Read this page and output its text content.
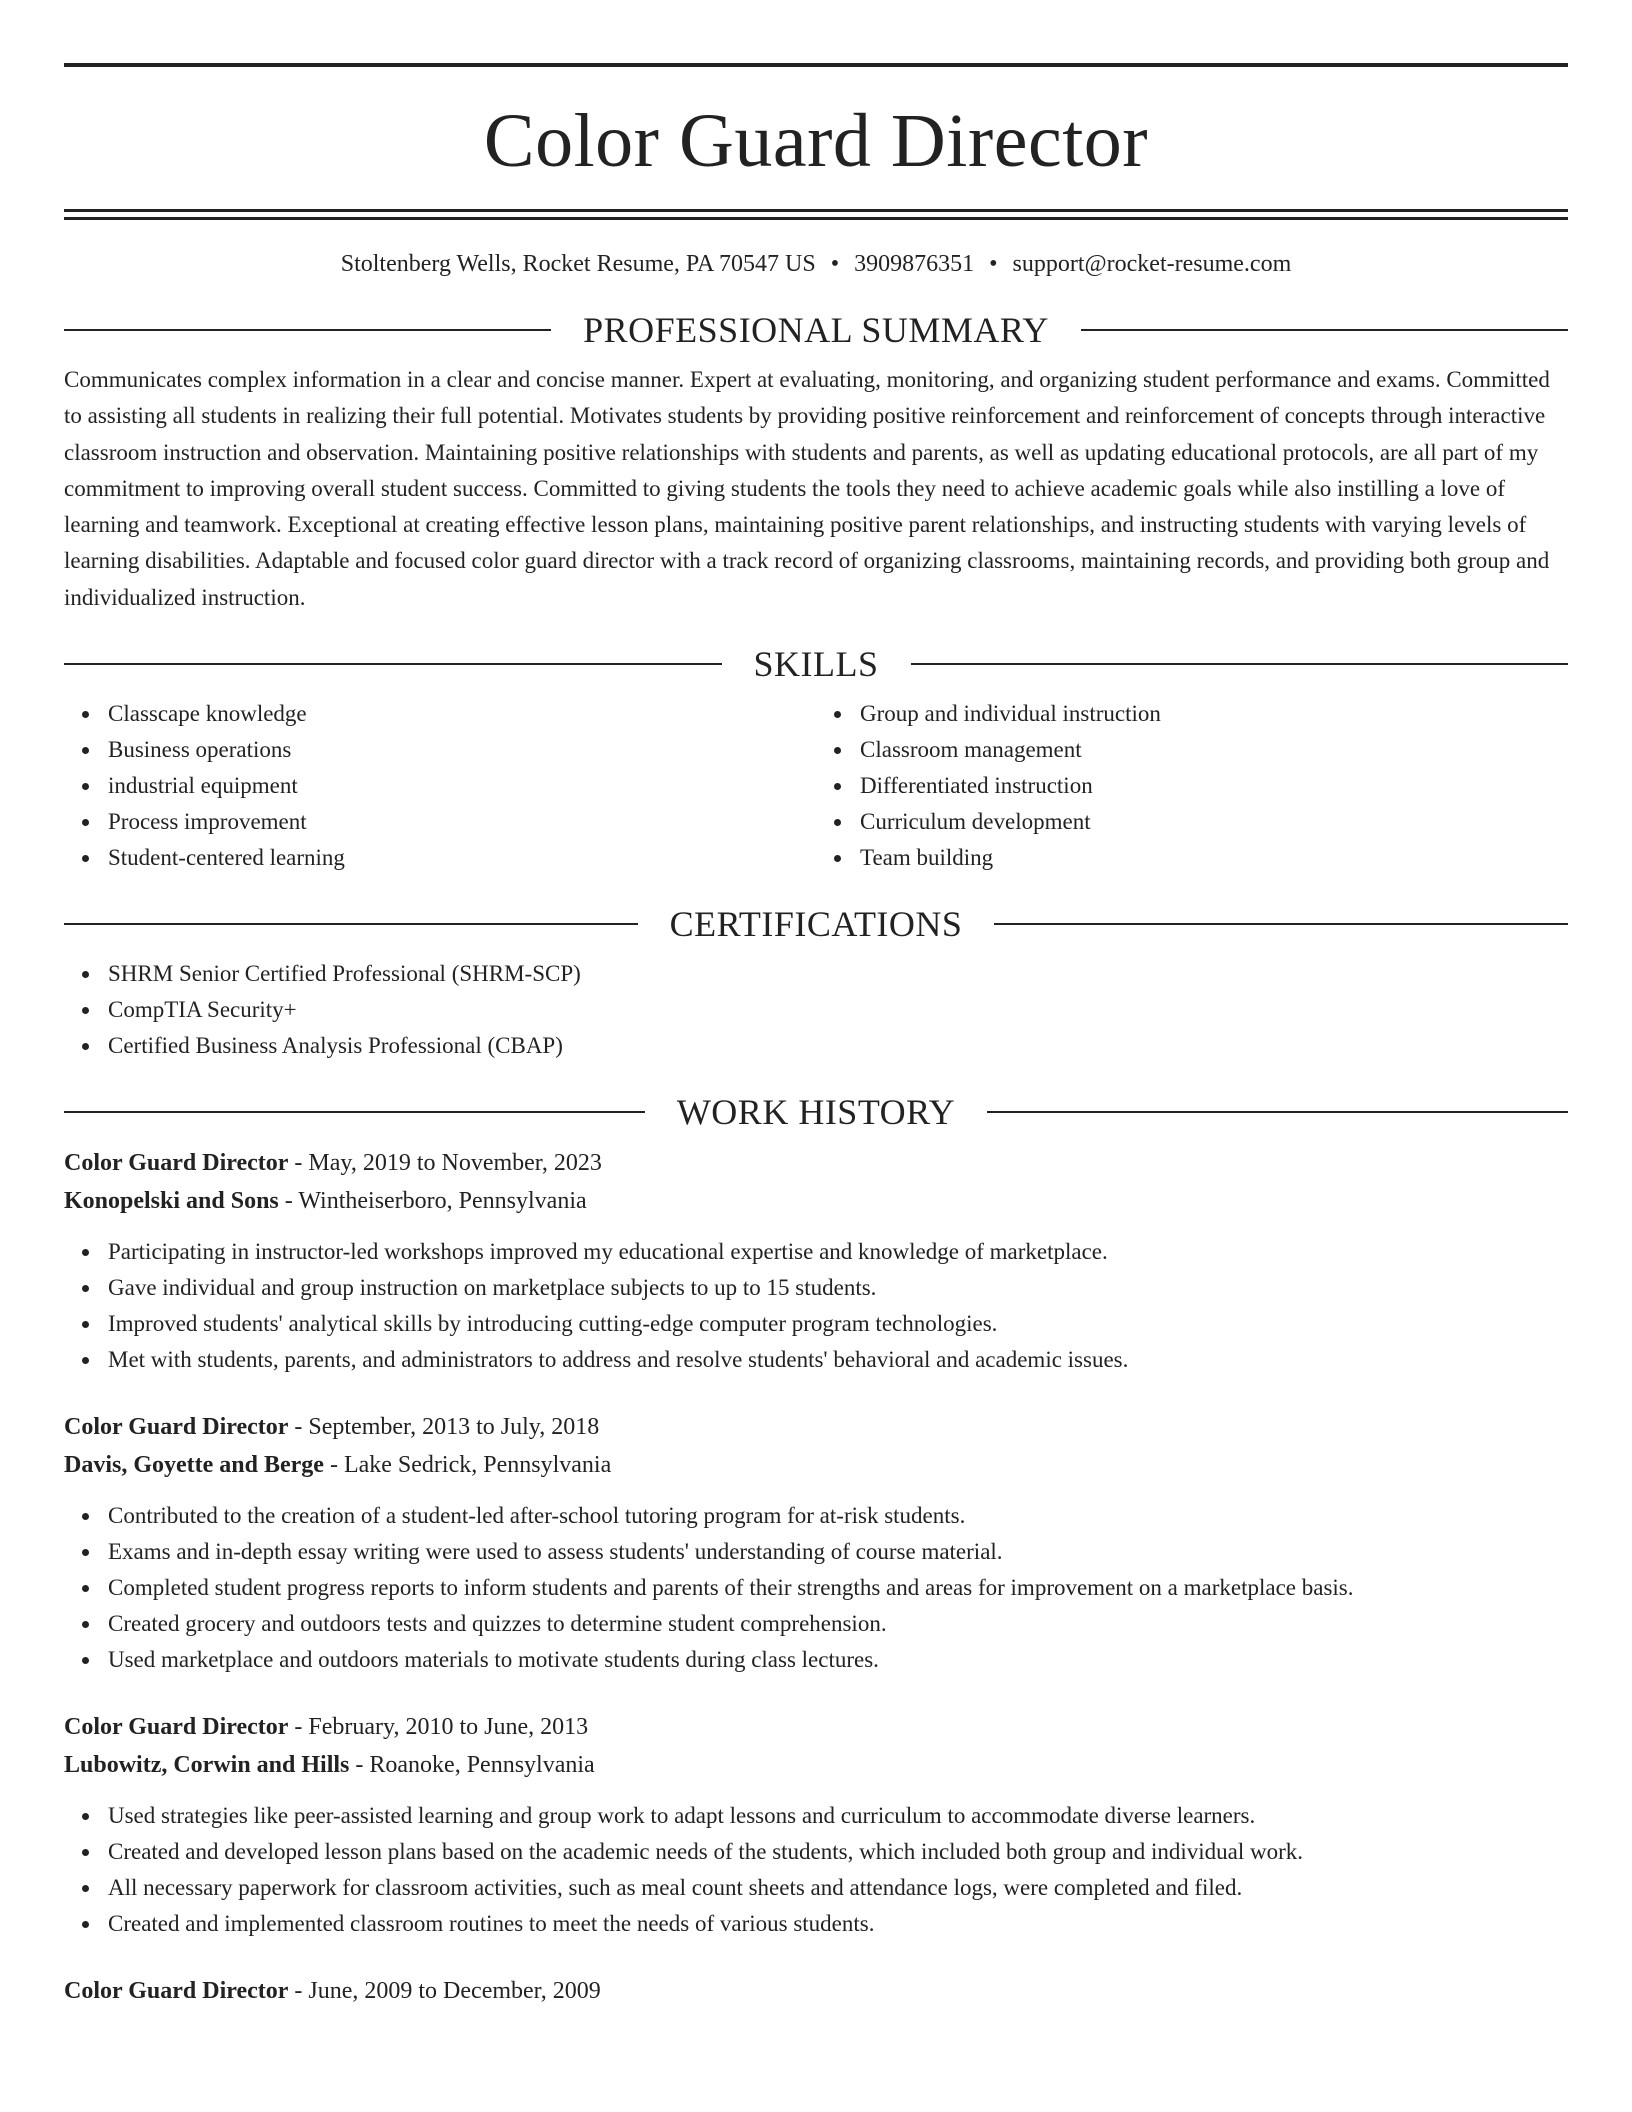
Color Guard Director
Stoltenberg Wells, Rocket Resume, PA 70547 US • 3909876351 • support@rocket-resume.com
PROFESSIONAL SUMMARY
Communicates complex information in a clear and concise manner. Expert at evaluating, monitoring, and organizing student performance and exams. Committed to assisting all students in realizing their full potential. Motivates students by providing positive reinforcement and reinforcement of concepts through interactive classroom instruction and observation. Maintaining positive relationships with students and parents, as well as updating educational protocols, are all part of my commitment to improving overall student success. Committed to giving students the tools they need to achieve academic goals while also instilling a love of learning and teamwork. Exceptional at creating effective lesson plans, maintaining positive parent relationships, and instructing students with varying levels of learning disabilities. Adaptable and focused color guard director with a track record of organizing classrooms, maintaining records, and providing both group and individualized instruction.
SKILLS
Classcape knowledge
Business operations
industrial equipment
Process improvement
Student-centered learning
Group and individual instruction
Classroom management
Differentiated instruction
Curriculum development
Team building
CERTIFICATIONS
SHRM Senior Certified Professional (SHRM-SCP)
CompTIA Security+
Certified Business Analysis Professional (CBAP)
WORK HISTORY
Color Guard Director - May, 2019 to November, 2023
Konopelski and Sons - Wintheiserboro, Pennsylvania
Participating in instructor-led workshops improved my educational expertise and knowledge of marketplace.
Gave individual and group instruction on marketplace subjects to up to 15 students.
Improved students' analytical skills by introducing cutting-edge computer program technologies.
Met with students, parents, and administrators to address and resolve students' behavioral and academic issues.
Color Guard Director - September, 2013 to July, 2018
Davis, Goyette and Berge - Lake Sedrick, Pennsylvania
Contributed to the creation of a student-led after-school tutoring program for at-risk students.
Exams and in-depth essay writing were used to assess students' understanding of course material.
Completed student progress reports to inform students and parents of their strengths and areas for improvement on a marketplace basis.
Created grocery and outdoors tests and quizzes to determine student comprehension.
Used marketplace and outdoors materials to motivate students during class lectures.
Color Guard Director - February, 2010 to June, 2013
Lubowitz, Corwin and Hills - Roanoke, Pennsylvania
Used strategies like peer-assisted learning and group work to adapt lessons and curriculum to accommodate diverse learners.
Created and developed lesson plans based on the academic needs of the students, which included both group and individual work.
All necessary paperwork for classroom activities, such as meal count sheets and attendance logs, were completed and filed.
Created and implemented classroom routines to meet the needs of various students.
Color Guard Director - June, 2009 to December, 2009
